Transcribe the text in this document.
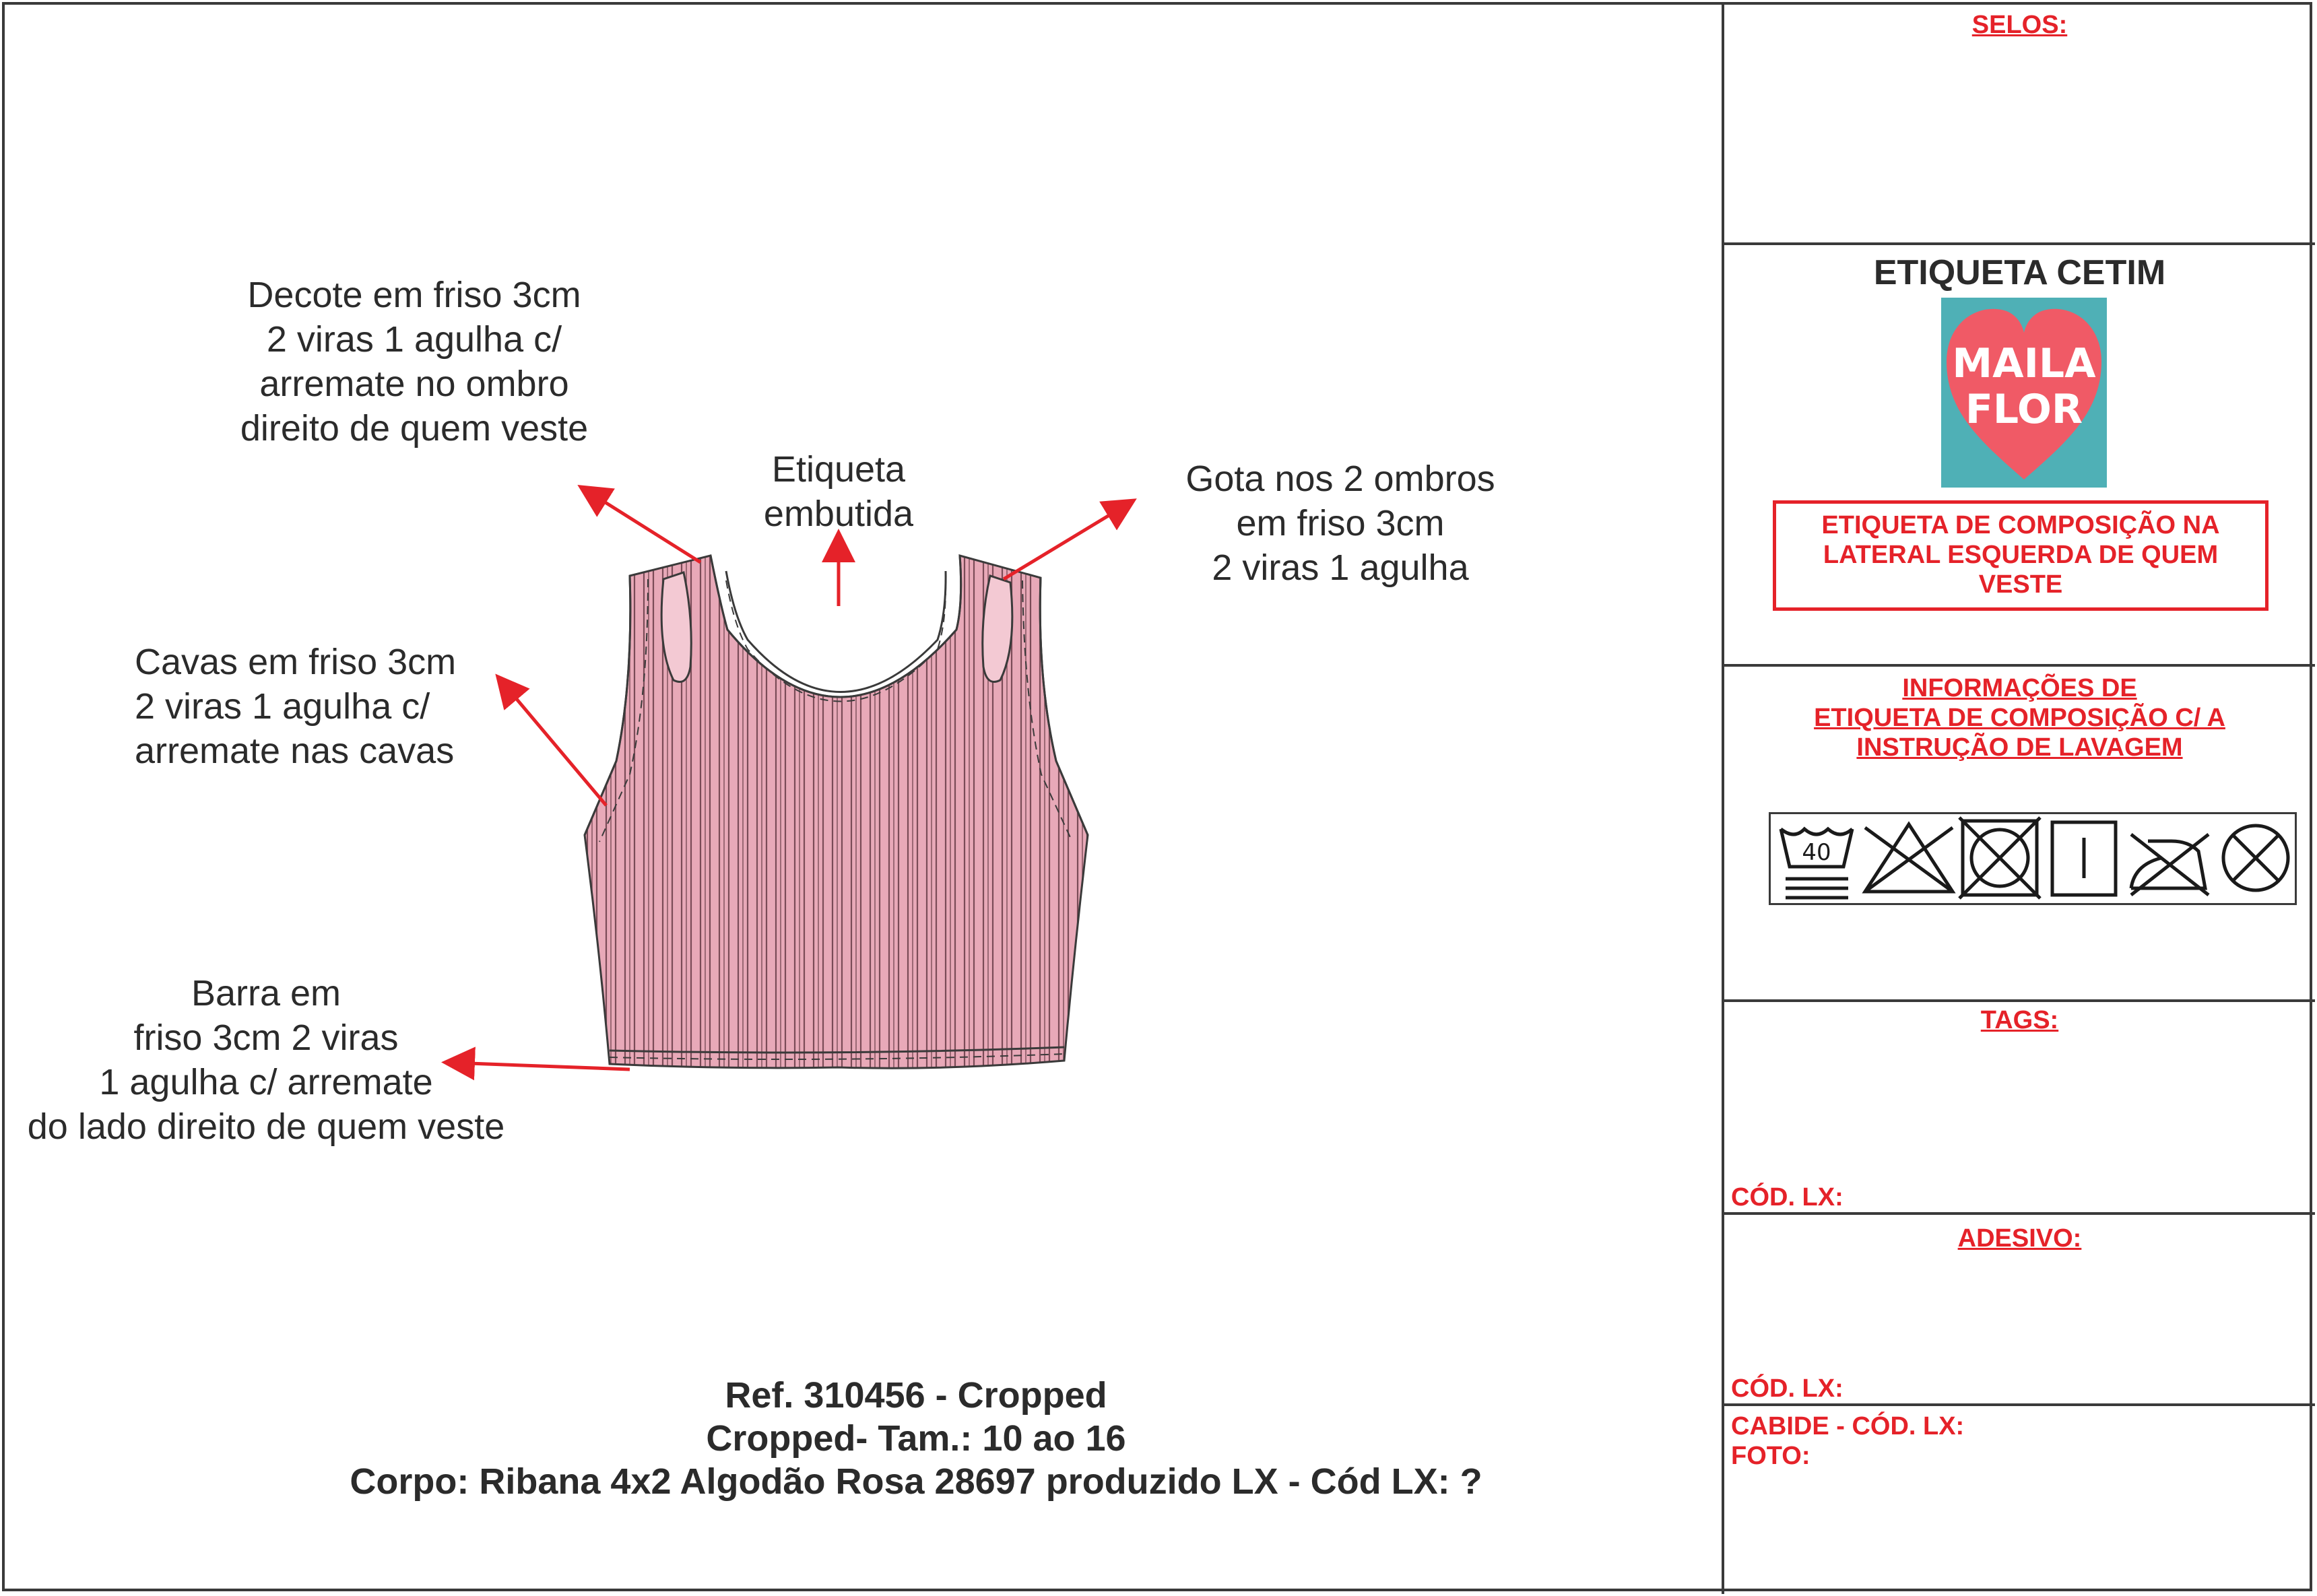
Decote em friso 3cm
2 viras 1 agulha c/
arremate no ombro
direito de quem veste
Etiqueta
embutida
Gota nos 2 ombros
em friso 3cm
2 viras 1 agulha
Cavas em friso 3cm
2 viras 1 agulha c/
arremate nas cavas
Barra em
friso 3cm 2 viras
1 agulha c/ arremate
do lado direito de quem veste
Ref. 310456 - Cropped
Cropped- Tam.: 10 ao 16
Corpo: Ribana 4x2 Algodão Rosa 28697 produzido LX - Cód LX: ?
SELOS:
ETIQUETA CETIM
MAILA
FLOR
ETIQUETA DE COMPOSIÇÃO NA
LATERAL ESQUERDA DE QUEM
VESTE
INFORMAÇÕES DE
ETIQUETA DE COMPOSIÇÃO C/ A
INSTRUÇÃO DE LAVAGEM
40
TAGS:
CÓD. LX:
ADESIVO:
CÓD. LX:
CABIDE - CÓD. LX:
FOTO:
